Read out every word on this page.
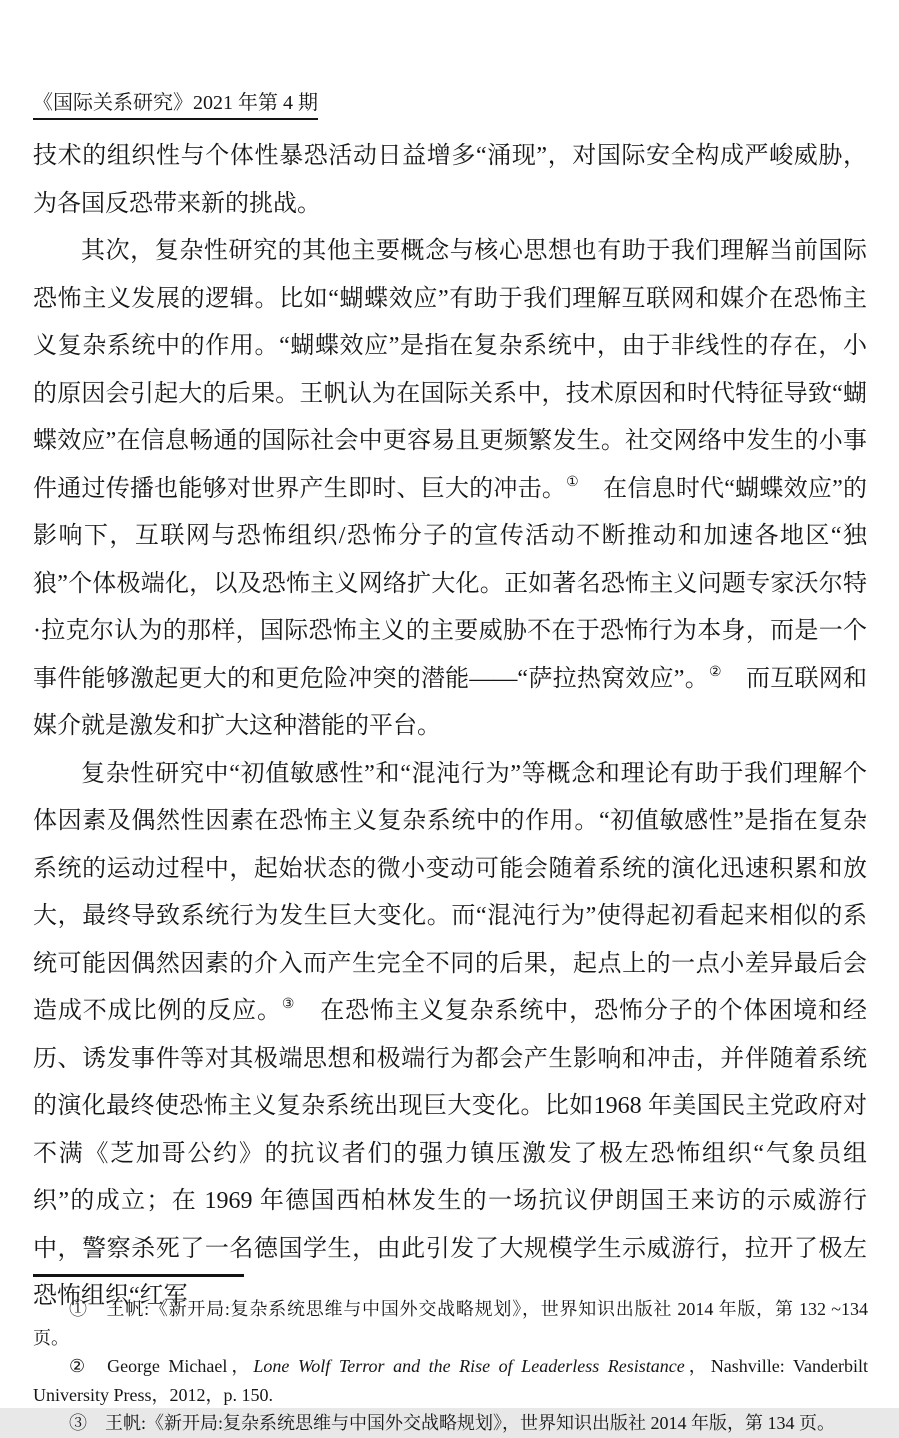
《国际关系研究》2021 年第 4 期

技术的组织性与个体性暴恐活动日益增多“涌现”，对国际安全构成严峻威胁，为各国反恐带来新的挑战。

其次，复杂性研究的其他主要概念与核心思想也有助于我们理解当前国际恐怖主义发展的逻辑。比如“蝴蝶效应”有助于我们理解互联网和媒介在恐怖主义复杂系统中的作用。“蝴蝶效应”是指在复杂系统中，由于非线性的存在，小的原因会引起大的后果。王帆认为在国际关系中，技术原因和时代特征导致“蝴蝶效应”在信息畅通的国际社会中更容易且更频繁发生。社交网络中发生的小事件通过传播也能够对世界产生即时、巨大的冲击。① 在信息时代“蝴蝶效应”的影响下，互联网与恐怖组织/恐怖分子的宣传活动不断推动和加速各地区“独狼”个体极端化，以及恐怖主义网络扩大化。正如著名恐怖主义问题专家沃尔特·拉克尔认为的那样，国际恐怖主义的主要威胁不在于恐怖行为本身，而是一个事件能够激起更大的和更危险冲突的潜能——“萨拉热窝效应”。② 而互联网和媒介就是激发和扩大这种潜能的平台。

复杂性研究中“初值敏感性”和“混沌行为”等概念和理论有助于我们理解个体因素及偶然性因素在恐怖主义复杂系统中的作用。“初值敏感性”是指在复杂系统的运动过程中，起始状态的微小变动可能会随着系统的演化迅速积累和放大，最终导致系统行为发生巨大变化。而“混沌行为”使得起初看起来相似的系统可能因偶然因素的介入而产生完全不同的后果，起点上的一点小差异最后会造成不成比例的反应。③ 在恐怖主义复杂系统中，恐怖分子的个体困境和经历、诱发事件等对其极端思想和极端行为都会产生影响和冲击，并伴随着系统的演化最终使恐怖主义复杂系统出现巨大变化。比如1968 年美国民主党政府对不满《芝加哥公约》的抗议者们的强力镇压激发了极左恐怖组织“气象员组织”的成立；在 1969 年德国西柏林发生的一场抗议伊朗国王来访的示威游行中，警察杀死了一名德国学生，由此引发了大规模学生示威游行，拉开了极左恐怖组织“红军

① 王帆:《新开局:复杂系统思维与中国外交战略规划》，世界知识出版社 2014 年版，第 132 ~134 页。

② George Michael，Lone Wolf Terror and the Rise of Leaderless Resistance，Nashville: Vanderbilt University Press，2012，p. 150.

③ 王帆:《新开局:复杂系统思维与中国外交战略规划》，世界知识出版社 2014 年版，第 134 页。
